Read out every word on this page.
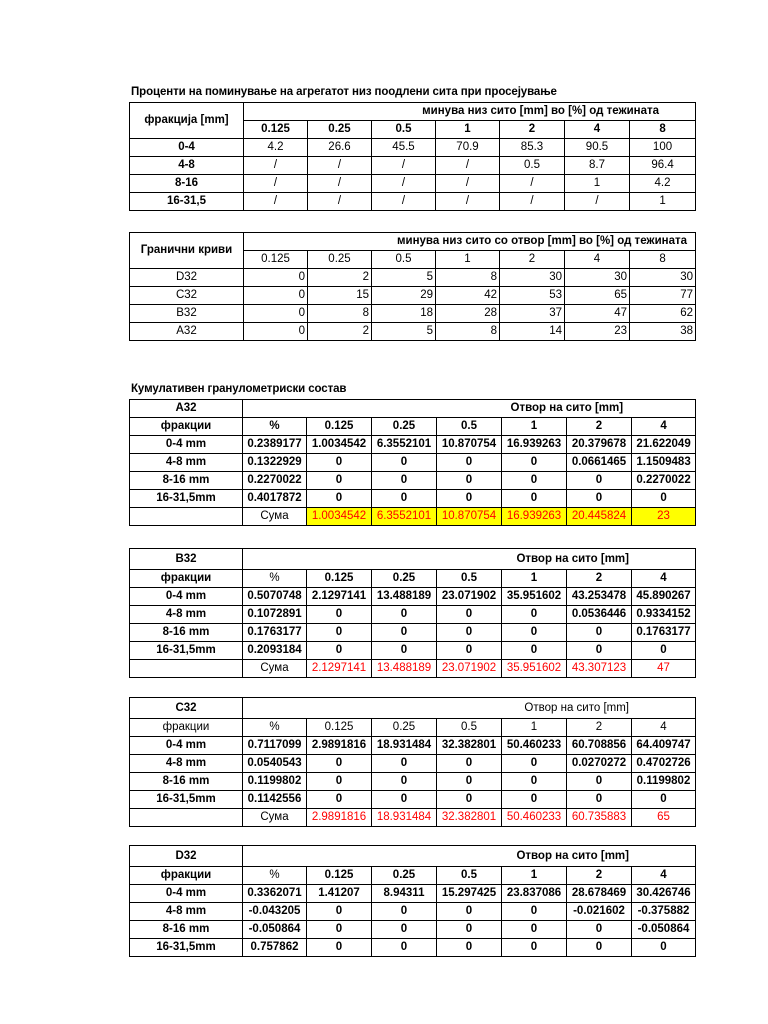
Проценти на поминување на агрегатот низ поодлени сита при просејување
фракција [mm]	минува низ сито [mm] во [%] од тежината						
	0.125	0.25	0.5	1	2	4	8
0-4	4.2	26.6	45.5	70.9	85.3	90.5	100
4-8	/	/	/	/	0.5	8.7	96.4
8-16	/	/	/	/	/	1	4.2
16-31,5	/	/	/	/	/	/	1
Гранични криви	минува низ сито со отвор [mm] во [%] од тежината						
	0.125	0.25	0.5	1	2	4	8
D32	0	2	5	8	30	30	30
C32	0	15	29	42	53	65	77
B32	0	8	18	28	37	47	62
A32	0	2	5	8	14	23	38
Кумулативен гранулометриски состав
A32	Отвор на сито [mm]						
фракции	%	0.125	0.25	0.5	1	2	4
0-4 mm	0.2389177	1.0034542	6.3552101	10.870754	16.939263	20.379678	21.622049
4-8 mm	0.1322929	0	0	0	0	0.0661465	1.1509483
8-16 mm	0.2270022	0	0	0	0	0	0.2270022
16-31,5mm	0.4017872	0	0	0	0	0	0
	Сума	1.0034542	6.3552101	10.870754	16.939263	20.445824	23
B32	Отвор на сито [mm]						
фракции	%	0.125	0.25	0.5	1	2	4
0-4 mm	0.5070748	2.1297141	13.488189	23.071902	35.951602	43.253478	45.890267
4-8 mm	0.1072891	0	0	0	0	0.0536446	0.9334152
8-16 mm	0.1763177	0	0	0	0	0	0.1763177
16-31,5mm	0.2093184	0	0	0	0	0	0
	Сума	2.1297141	13.488189	23.071902	35.951602	43.307123	47
C32	Отвор на сито [mm]						
фракции	%	0.125	0.25	0.5	1	2	4
0-4 mm	0.7117099	2.9891816	18.931484	32.382801	50.460233	60.708856	64.409747
4-8 mm	0.0540543	0	0	0	0	0.0270272	0.4702726
8-16 mm	0.1199802	0	0	0	0	0	0.1199802
16-31,5mm	0.1142556	0	0	0	0	0	0
	Сума	2.9891816	18.931484	32.382801	50.460233	60.735883	65
D32	Отвор на сито [mm]						
фракции	%	0.125	0.25	0.5	1	2	4
0-4 mm	0.3362071	1.41207	8.94311	15.297425	23.837086	28.678469	30.426746
4-8 mm	-0.043205	0	0	0	0	-0.021602	-0.375882
8-16 mm	-0.050864	0	0	0	0	0	-0.050864
16-31,5mm	0.757862	0	0	0	0	0	0
